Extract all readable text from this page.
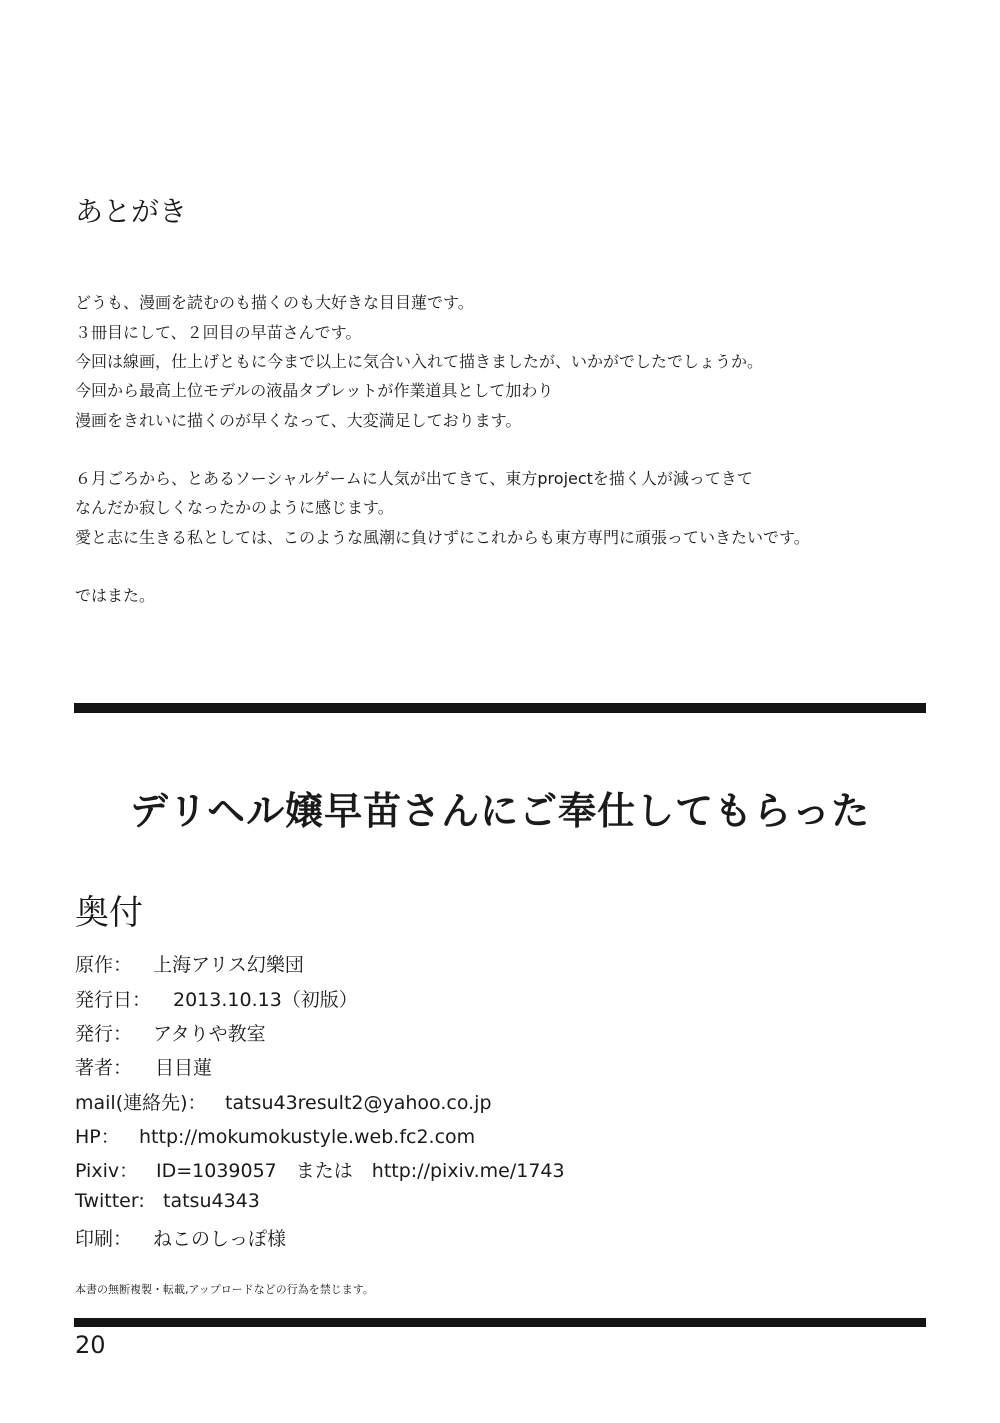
あとがき
どうも、漫画を読むのも描くのも大好きな目目蓮です。
３冊目にして、２回目の早苗さんです。
今回は線画，仕上げともに今まで以上に気合い入れて描きましたが、いかがでしたでしょうか。
今回から最高上位モデルの液晶タブレットが作業道具として加わり
漫画をきれいに描くのが早くなって、大変満足しております。
６月ごろから、とあるソーシャルゲームに人気が出てきて、東方projectを描く人が減ってきて
なんだか寂しくなったかのように感じます。
愛と志に生きる私としては、このような風潮に負けずにこれからも東方専門に頑張っていきたいです。
ではまた。
デリヘル嬢早苗さんにご奉仕してもらった
奥付
原作： 上海アリス幻樂団
発行日： 2013.10.13（初版）
発行： アタりや教室
著者： 目目蓮
mail(連絡先)： tatsu43result2@yahoo.co.jp
HP： http://mokumokustyle.web.fc2.com
Pixiv： ID=1039057　または　http://pixiv.me/1743
Twitter: tatsu4343
印刷： ねこのしっぽ様
本書の無断複製・転載,アップロードなどの行為を禁じます。
20
